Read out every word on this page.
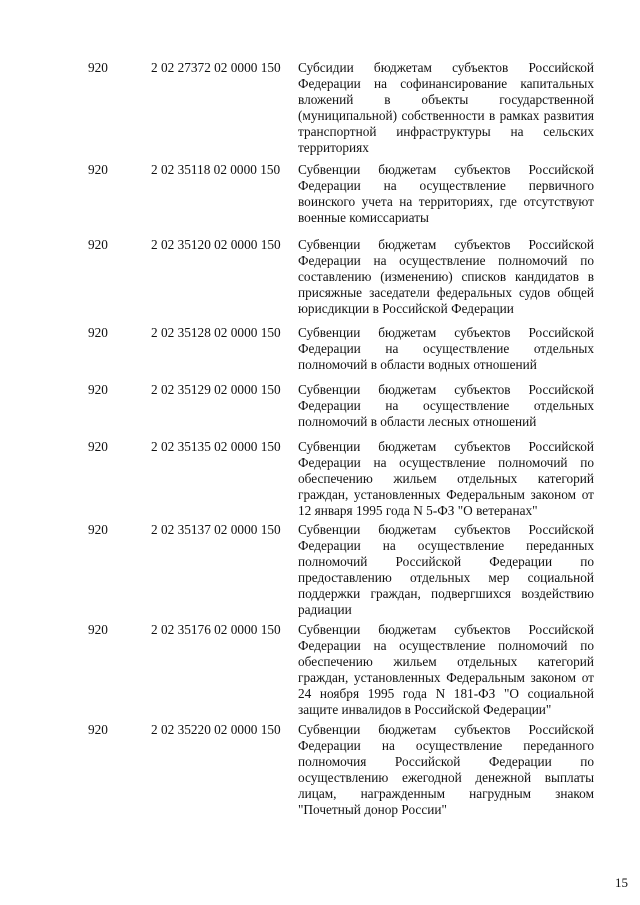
920	2 02 27372 02 0000 150 Субсидии бюджетам субъектов Российской Федерации на софинансирование капитальных вложений в объекты государственной (муниципальной) собственности в рамках развития транспортной инфраструктуры на сельских территориях
920	2 02 35118 02 0000 150 Субвенции бюджетам субъектов Российской Федерации на осуществление первичного воинского учета на территориях, где отсутствуют военные комиссариаты
920	2 02 35120 02 0000 150 Субвенции бюджетам субъектов Российской Федерации на осуществление полномочий по составлению (изменению) списков кандидатов в присяжные заседатели федеральных судов общей юрисдикции в Российской Федерации
920	2 02 35128 02 0000 150 Субвенции бюджетам субъектов Российской Федерации на осуществление отдельных полномочий в области водных отношений
920	2 02 35129 02 0000 150 Субвенции бюджетам субъектов Российской Федерации на осуществление отдельных полномочий в области лесных отношений
920	2 02 35135 02 0000 150 Субвенции бюджетам субъектов Российской Федерации на осуществление полномочий по обеспечению жильем отдельных категорий граждан, установленных Федеральным законом от 12 января 1995 года N 5-ФЗ "О ветеранах"
920	2 02 35137 02 0000 150 Субвенции бюджетам субъектов Российской Федерации на осуществление переданных полномочий Российской Федерации по предоставлению отдельных мер социальной поддержки граждан, подвергшихся воздействию радиации
920	2 02 35176 02 0000 150 Субвенции бюджетам субъектов Российской Федерации на осуществление полномочий по обеспечению жильем отдельных категорий граждан, установленных Федеральным законом от 24 ноября 1995 года N 181-ФЗ "О социальной защите инвалидов в Российской Федерации"
920	2 02 35220 02 0000 150 Субвенции бюджетам субъектов Российской Федерации на осуществление переданного полномочия Российской Федерации по осуществлению ежегодной денежной выплаты лицам, награжденным нагрудным знаком "Почетный донор России"
15
